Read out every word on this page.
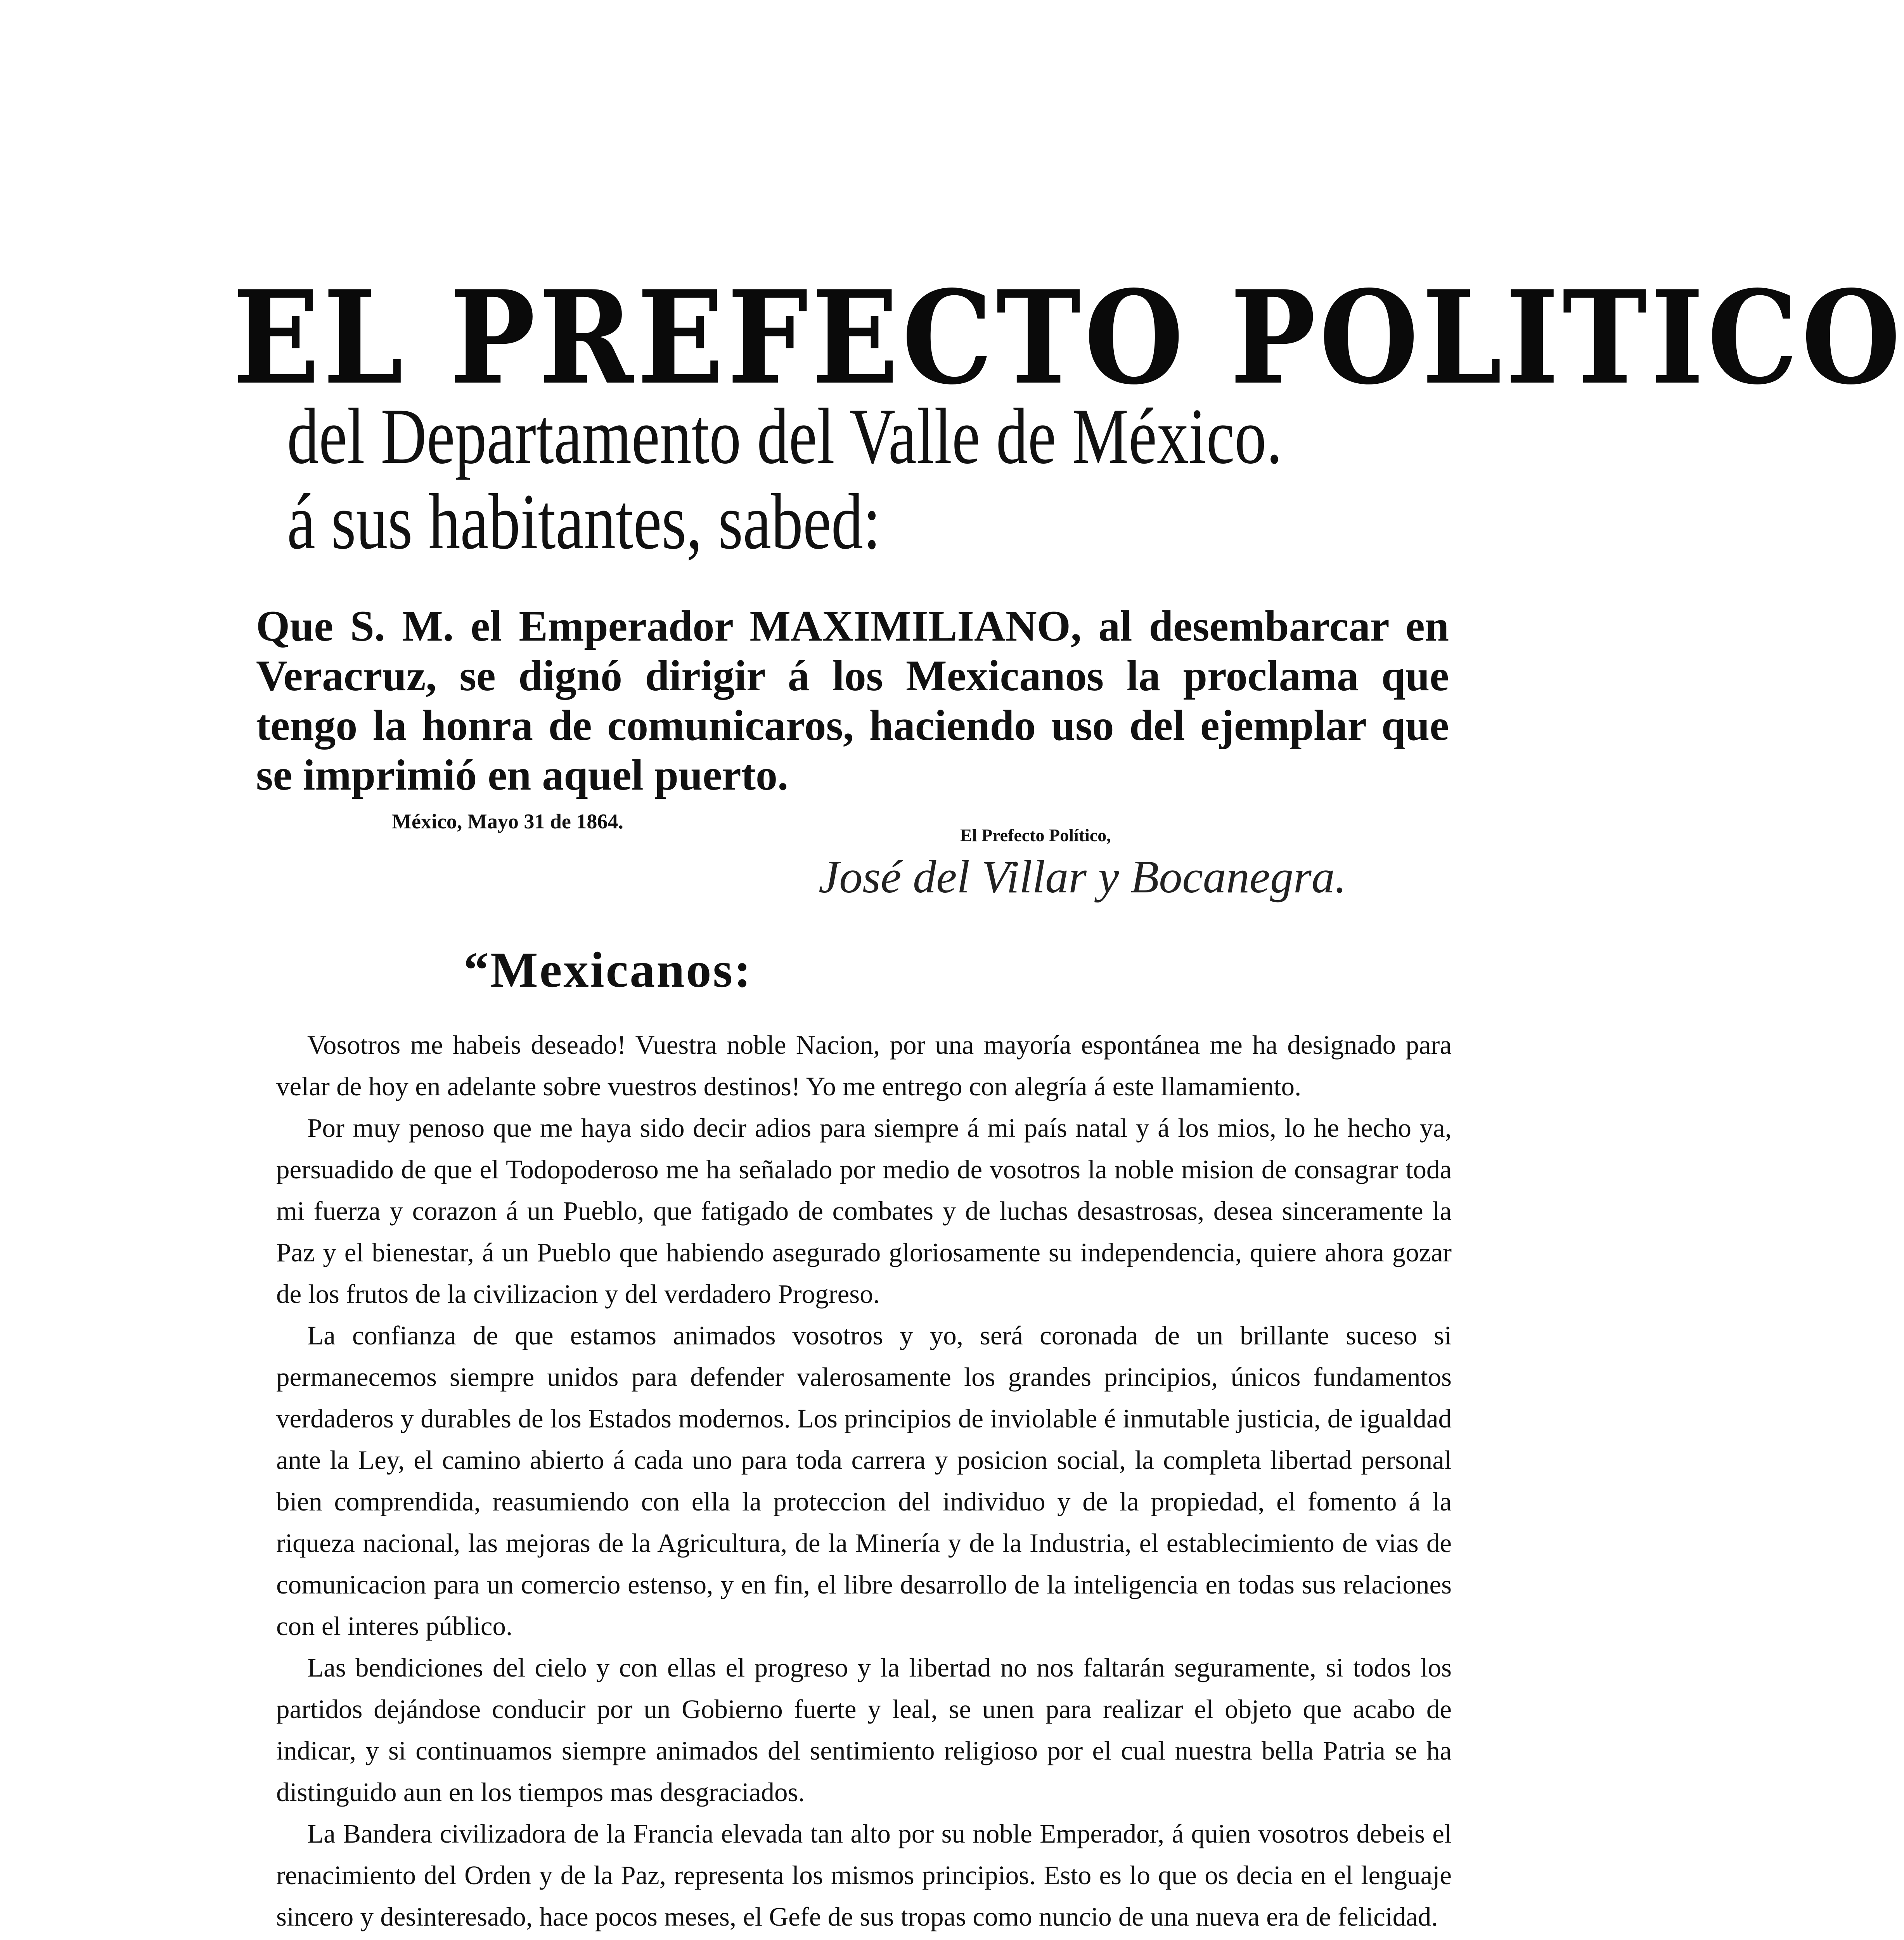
EL PREFECTO POLITICO
del Departamento del Valle de México.
á sus habitantes, sabed:
Que S. M. el Emperador MAXIMILIANO, al desembarcar en Veracruz, se dignó dirigir á los Mexicanos la proclama que tengo la honra de comunicaros, haciendo uso del ejemplar que se imprimió en aquel puerto.
México, Mayo 31 de 1864.
El Prefecto Político,
José del Villar y Bocanegra.
“Mexicanos:

Vosotros me habeis deseado! Vuestra noble Nacion, por una mayoría espontánea me ha designado para velar de hoy en adelante sobre vuestros destinos! Yo me entrego con alegría á este llamamiento.

Por muy penoso que me haya sido decir adios para siempre á mi país natal y á los mios, lo he hecho ya, persuadido de que el Todopoderoso me ha señalado por medio de vosotros la noble mision de consagrar toda mi fuerza y corazon á un Pueblo, que fatigado de combates y de luchas desastrosas, desea sinceramente la Paz y el bienestar, á un Pueblo que habiendo asegurado gloriosamente su independencia, quiere ahora gozar de los frutos de la civilizacion y del verdadero Progreso.

La confianza de que estamos animados vosotros y yo, será coronada de un brillante suceso si permanecemos siempre unidos para defender valerosamente los grandes principios, únicos fundamentos verdaderos y durables de los Estados modernos. Los principios de inviolable é inmutable justicia, de igualdad ante la Ley, el camino abierto á cada uno para toda carrera y posicion social, la completa libertad personal bien comprendida, reasumiendo con ella la proteccion del individuo y de la propiedad, el fomento á la riqueza nacional, las mejoras de la Agricultura, de la Minería y de la Industria, el establecimiento de vias de comunicacion para un comercio estenso, y en fin, el libre desarrollo de la inteligencia en todas sus relaciones con el interes público.

Las bendiciones del cielo y con ellas el progreso y la libertad no nos faltarán seguramente, si todos los partidos dejándose conducir por un Gobierno fuerte y leal, se unen para realizar el objeto que acabo de indicar, y si continuamos siempre animados del sentimiento religioso por el cual nuestra bella Patria se ha distinguido aun en los tiempos mas desgraciados.

La Bandera civilizadora de la Francia elevada tan alto por su noble Emperador, á quien vosotros debeis el renacimiento del Orden y de la Paz, representa los mismos principios. Esto es lo que os decia en el lenguaje sincero y desinteresado, hace pocos meses, el Gefe de sus tropas como nuncio de una nueva era de felicidad.
